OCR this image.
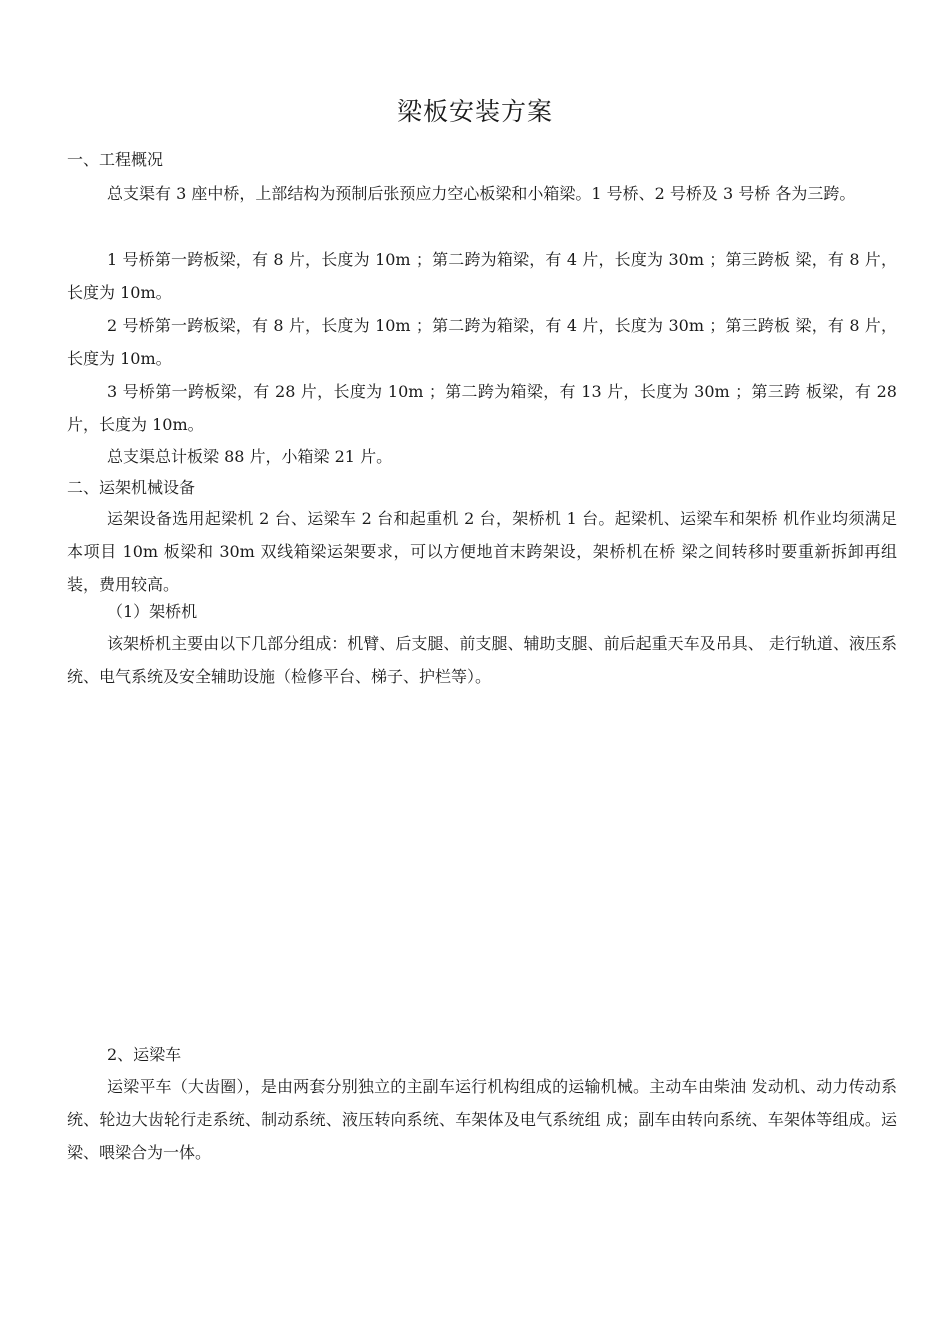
梁板安装方案
一、工程概况
总支渠有 3 座中桥，上部结构为预制后张预应力空心板梁和小箱梁。1 号桥、2 号桥及 3 号桥 各为三跨。
1 号桥第一跨板梁，有 8 片，长度为 10m ；第二跨为箱梁，有 4 片，长度为 30m ；第三跨板 梁，有 8 片，长度为 10m。
2 号桥第一跨板梁，有 8 片，长度为 10m ；第二跨为箱梁，有 4 片，长度为 30m ；第三跨板 梁，有 8 片，长度为 10m。
3 号桥第一跨板梁，有 28 片，长度为 10m ；第二跨为箱梁，有 13 片，长度为 30m ；第三跨 板梁，有 28 片，长度为 10m。
总支渠总计板梁 88 片，小箱梁 21 片。
二、运架机械设备
运架设备选用起梁机 2 台、运梁车 2 台和起重机 2 台，架桥机 1 台。起梁机、运梁车和架桥 机作业均须满足本项目 10m 板梁和 30m 双线箱梁运架要求，可以方便地首末跨架设，架桥机在桥 梁之间转移时要重新拆卸再组装，费用较高。
（1）架桥机
该架桥机主要由以下几部分组成：机臂、后支腿、前支腿、辅助支腿、前后起重天车及吊具、 走行轨道、液压系统、电气系统及安全辅助设施（检修平台、梯子、护栏等）。
2、运梁车
运梁平车（大齿圈），是由两套分别独立的主副车运行机构组成的运输机械。主动车由柴油 发动机、动力传动系统、轮边大齿轮行走系统、制动系统、液压转向系统、车架体及电气系统组 成；副车由转向系统、车架体等组成。运梁、喂梁合为一体。
